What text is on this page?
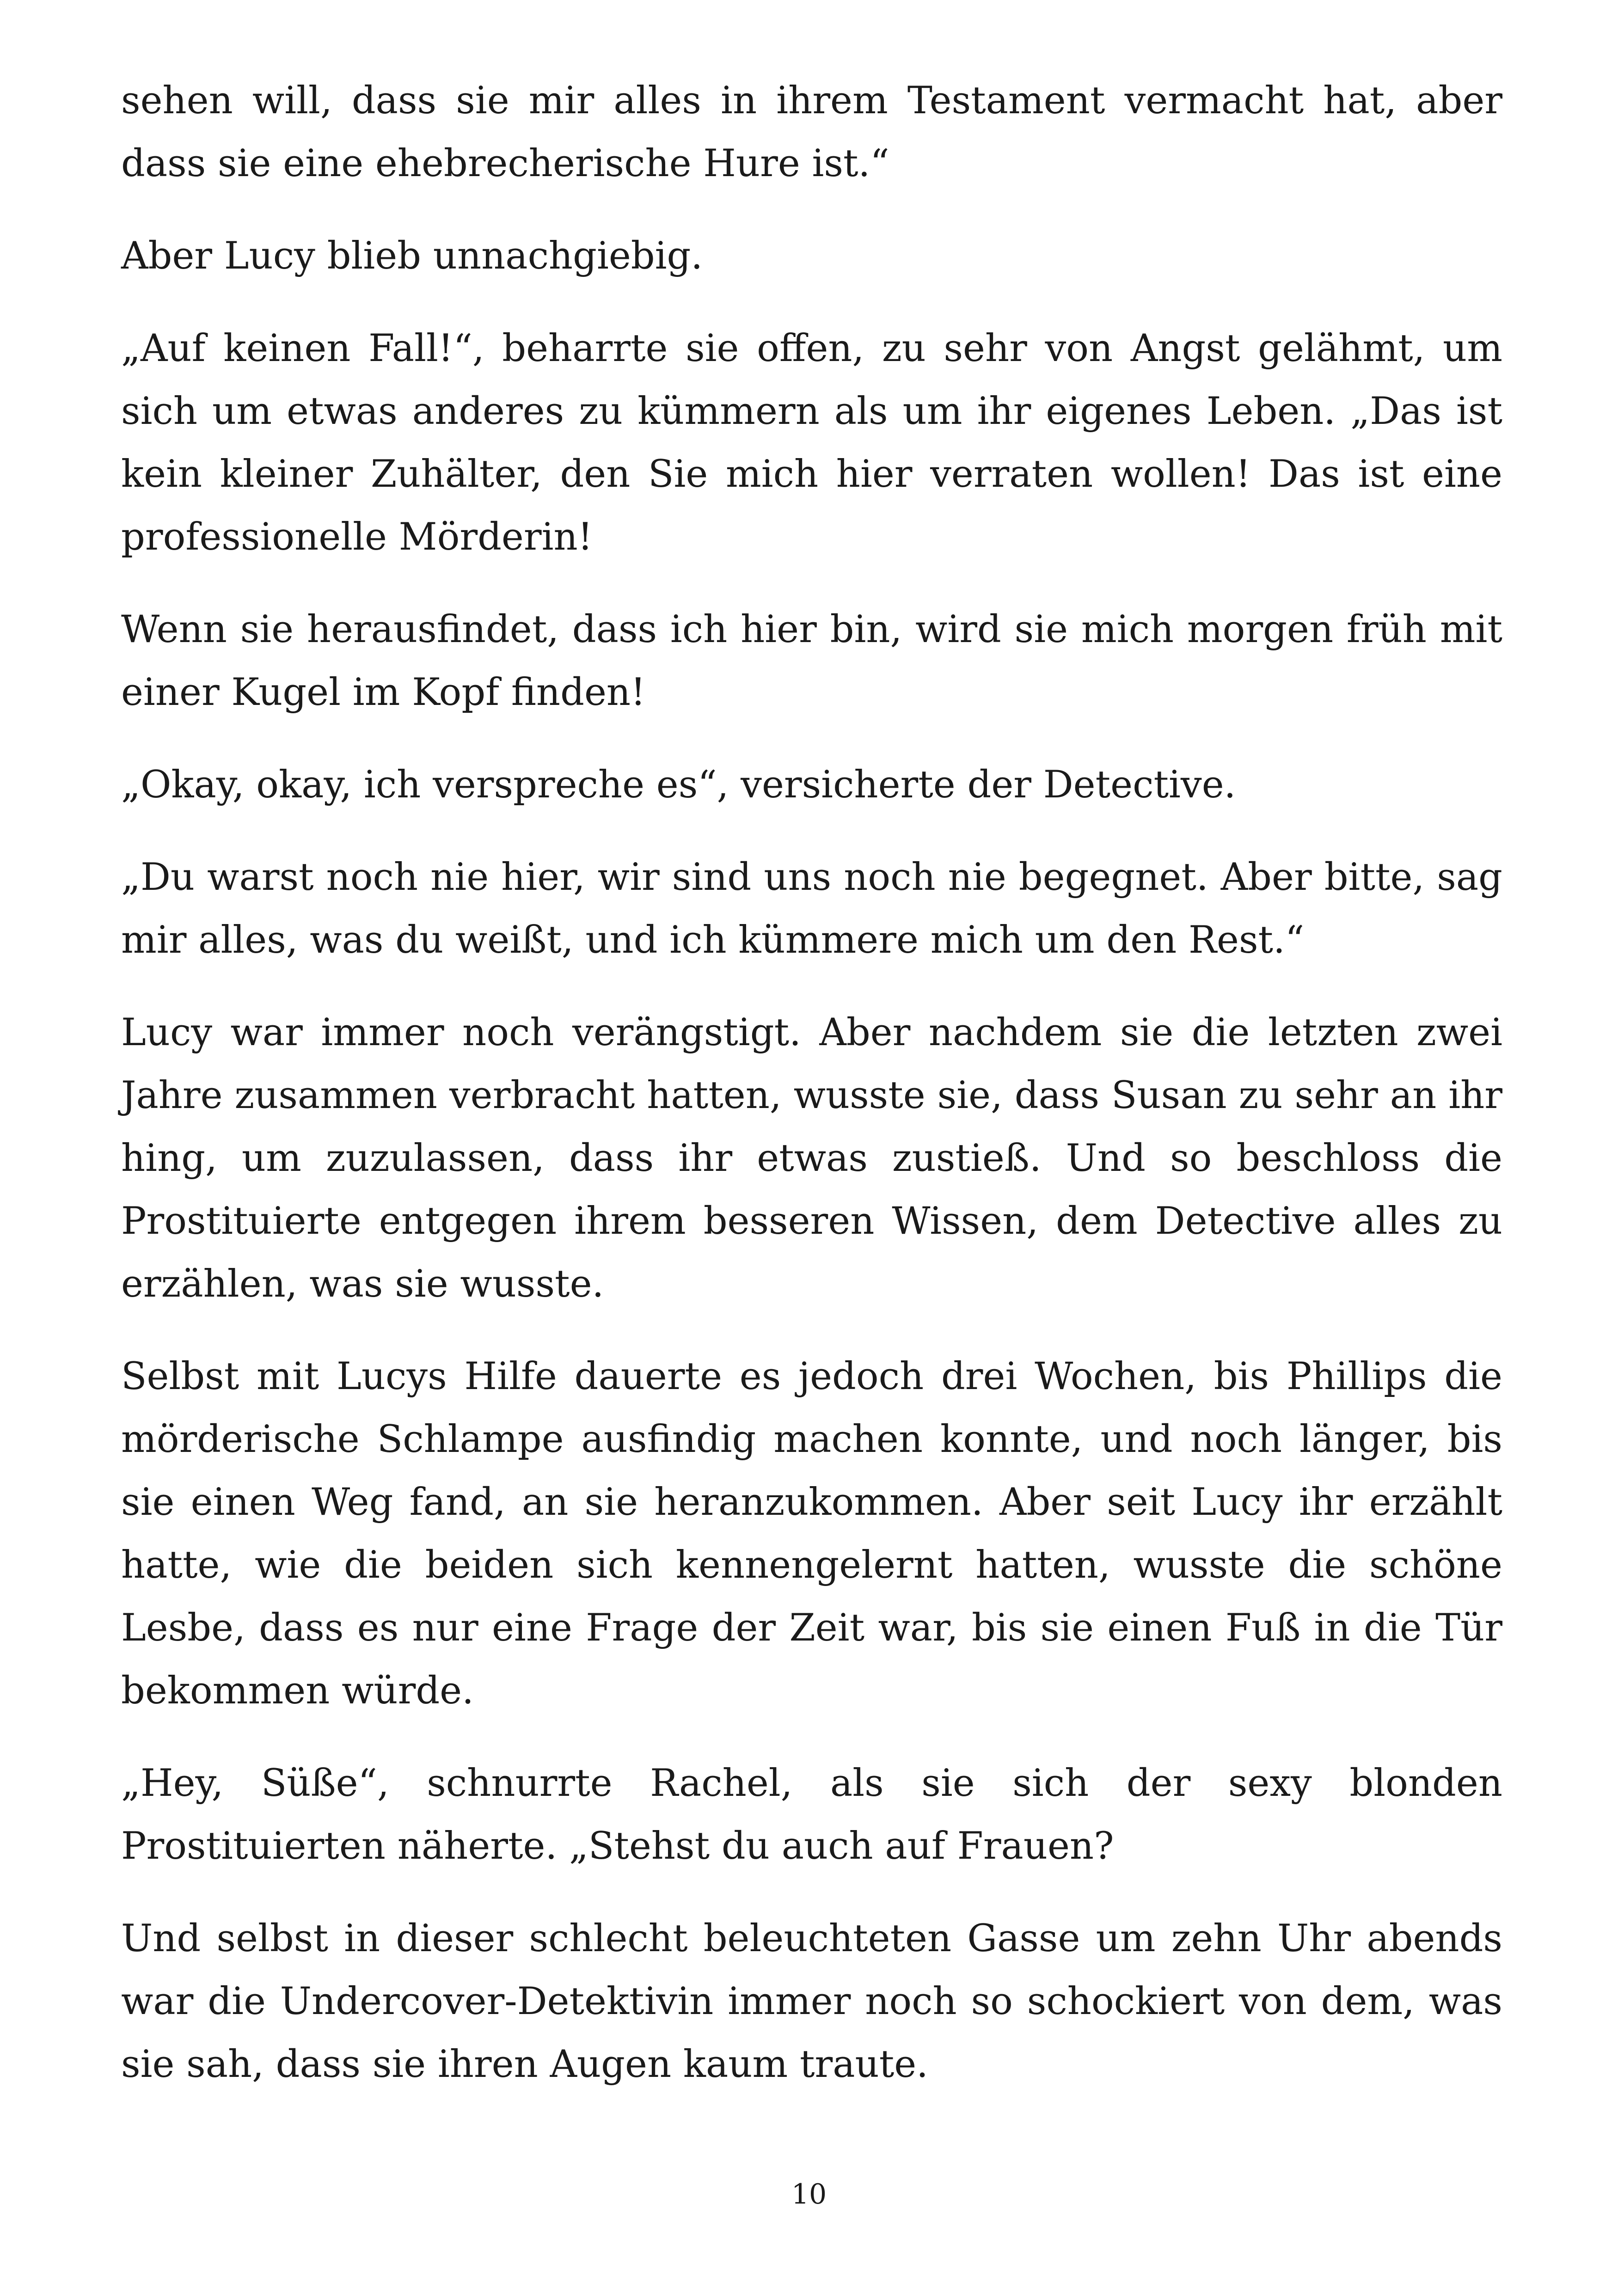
sehen will, dass sie mir alles in ihrem Testament vermacht hat, aber dass sie eine ehebrecherische Hure ist.“

Aber Lucy blieb unnachgiebig.

„Auf keinen Fall!“, beharrte sie offen, zu sehr von Angst gelähmt, um sich um etwas anderes zu kümmern als um ihr eigenes Leben. „Das ist kein kleiner Zuhälter, den Sie mich hier verraten wollen! Das ist eine professionelle Mörderin!

Wenn sie herausfindet, dass ich hier bin, wird sie mich morgen früh mit einer Kugel im Kopf finden!

„Okay, okay, ich verspreche es“, versicherte der Detective.

„Du warst noch nie hier, wir sind uns noch nie begegnet. Aber bitte, sag mir alles, was du weißt, und ich kümmere mich um den Rest.“

Lucy war immer noch verängstigt. Aber nachdem sie die letzten zwei Jahre zusammen verbracht hatten, wusste sie, dass Susan zu sehr an ihr hing, um zuzulassen, dass ihr etwas zustieß. Und so beschloss die Prostituierte entgegen ihrem besseren Wissen, dem Detective alles zu erzählen, was sie wusste.

Selbst mit Lucys Hilfe dauerte es jedoch drei Wochen, bis Phillips die mörderische Schlampe ausfindig machen konnte, und noch länger, bis sie einen Weg fand, an sie heranzukommen. Aber seit Lucy ihr erzählt hatte, wie die beiden sich kennengelernt hatten, wusste die schöne Lesbe, dass es nur eine Frage der Zeit war, bis sie einen Fuß in die Tür bekommen würde.

„Hey, Süße“, schnurrte Rachel, als sie sich der sexy blonden Prostituierten näherte. „Stehst du auch auf Frauen?

Und selbst in dieser schlecht beleuchteten Gasse um zehn Uhr abends war die Undercover-Detektivin immer noch so schockiert von dem, was sie sah, dass sie ihren Augen kaum traute.

10
